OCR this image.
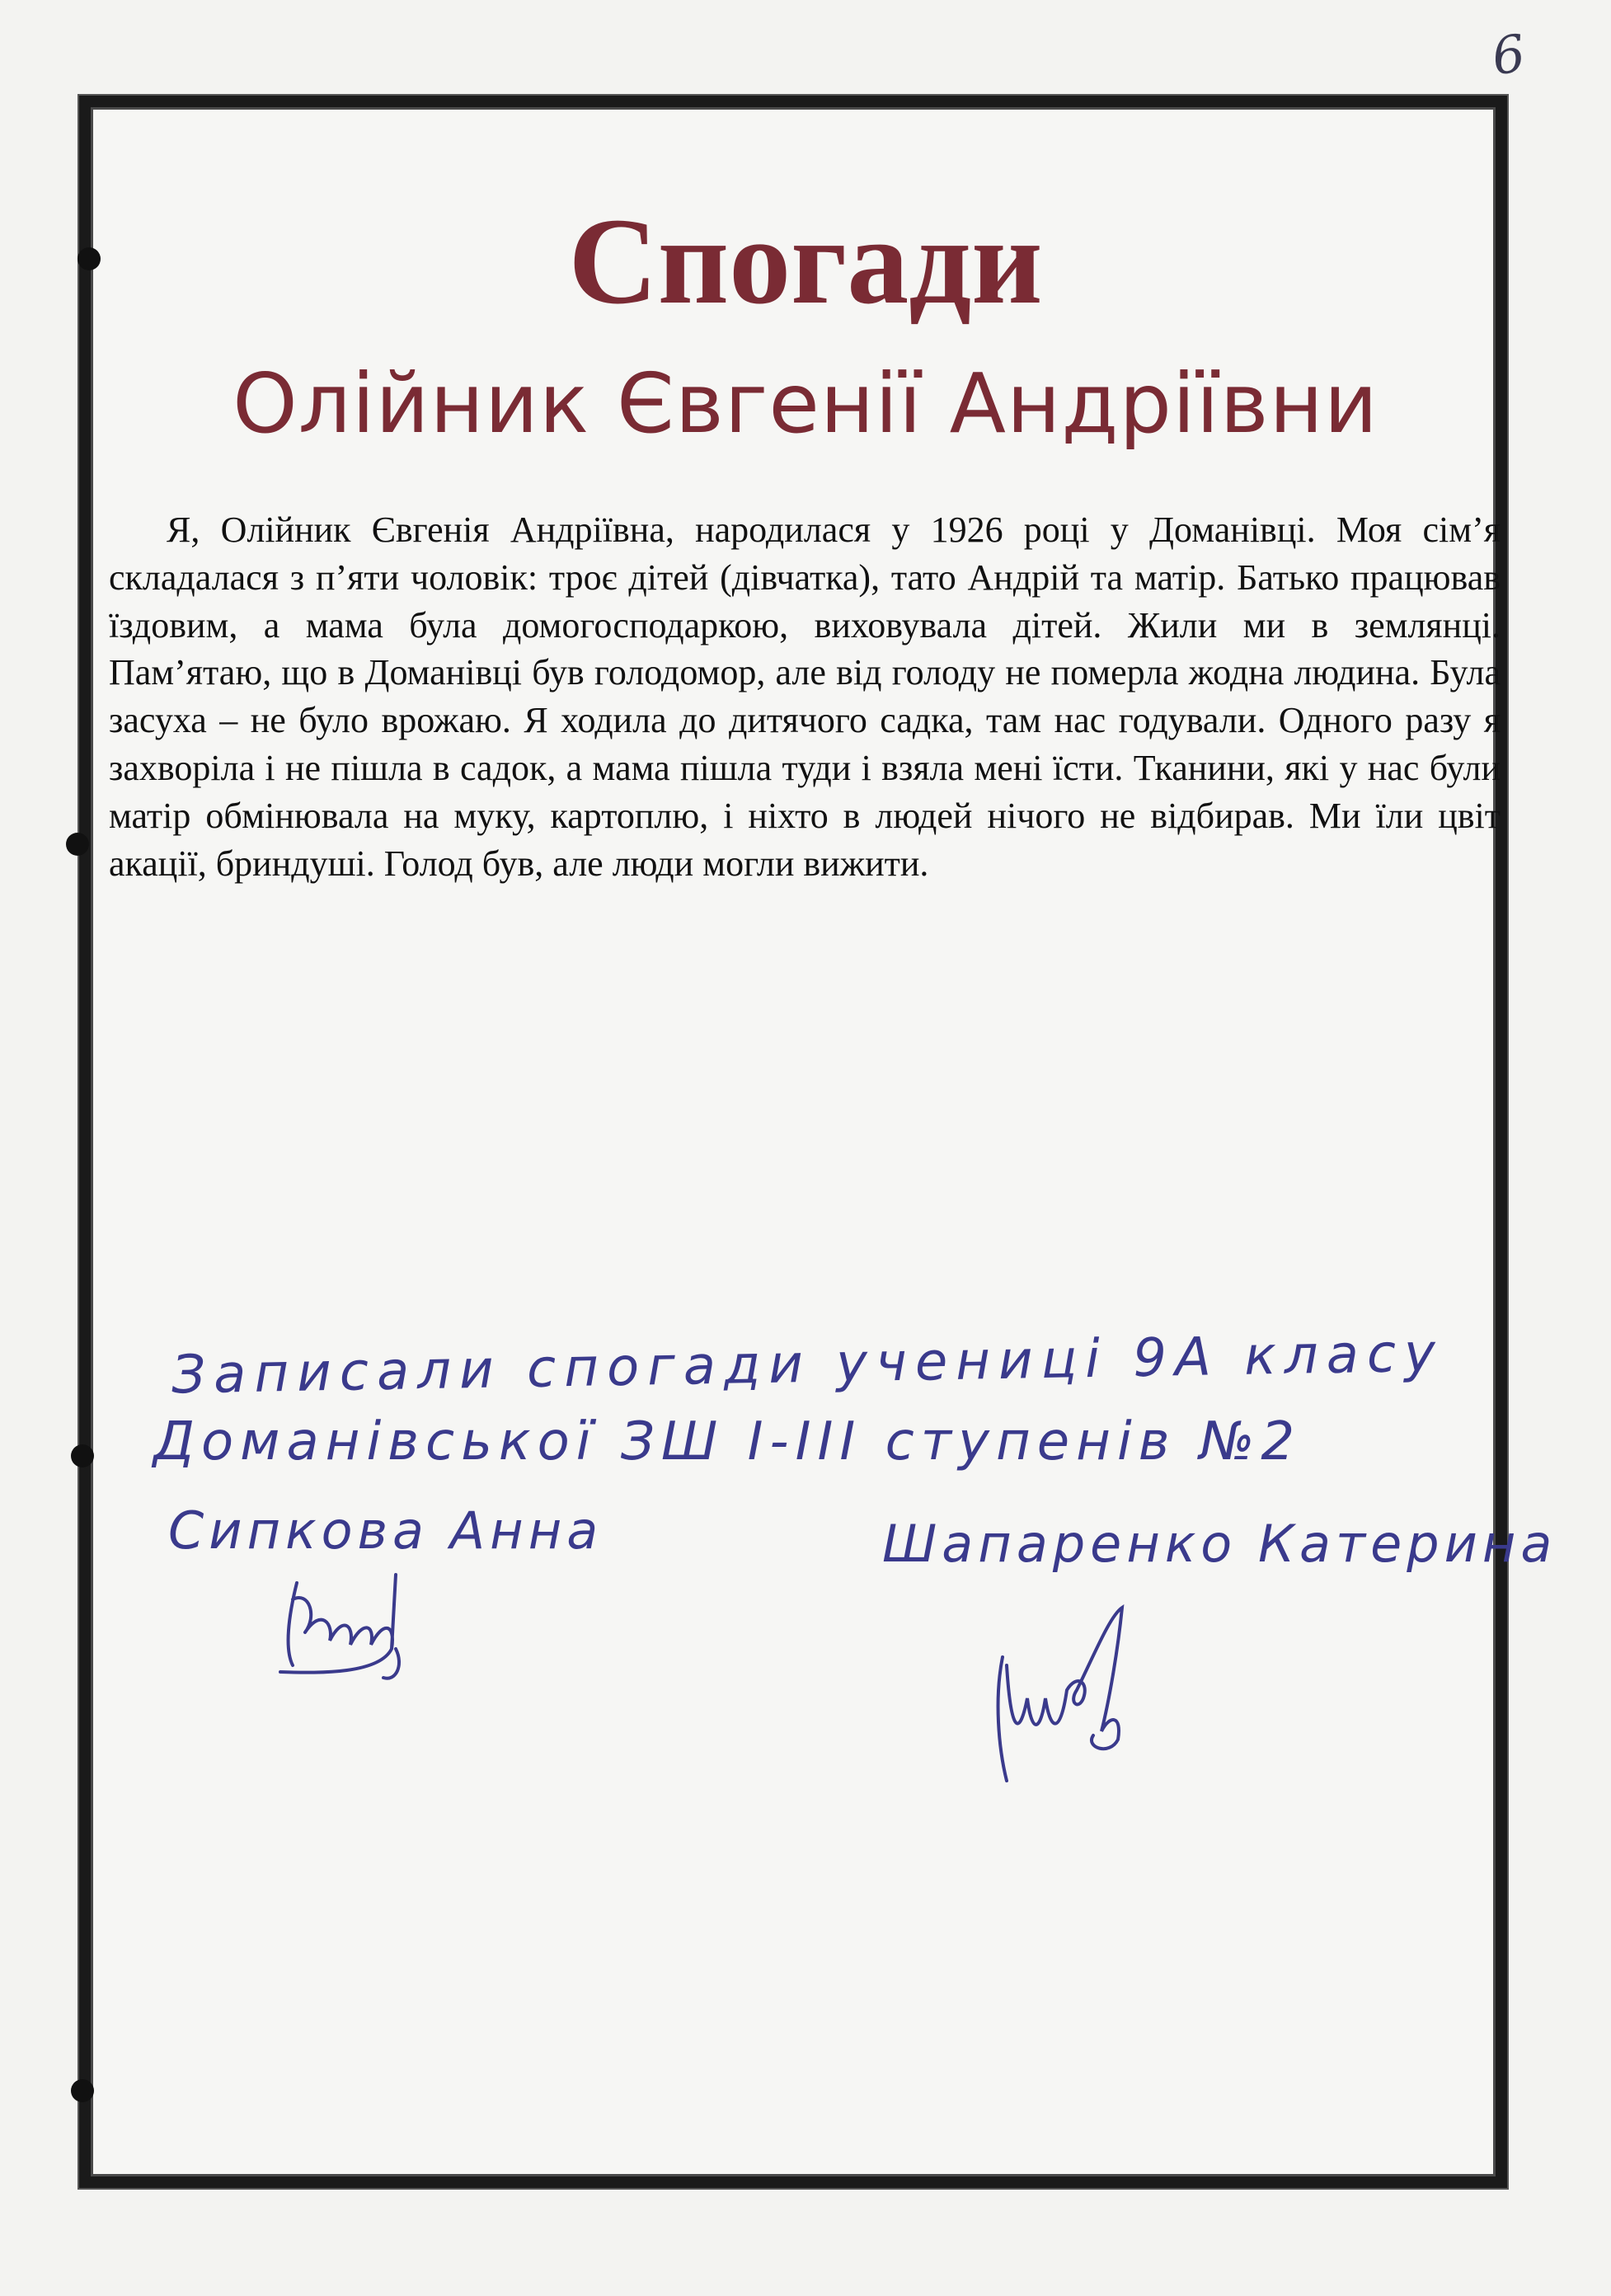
6
Спогади
Олійник Євгенії Андріївни

Я, Олійник Євгенія Андріївна, народилася у 1926 році у Доманівці. Моя сім’я складалася з п’яти чоловік: троє дітей (дівчатка), тато Андрій та матір. Батько працював їздовим, а мама була домогосподаркою, виховувала дітей. Жили ми в землянці. Пам’ятаю, що в Доманівці був голодомор, але від голоду не померла жодна людина. Була засуха – не було врожаю. Я ходила до дитячого садка, там нас годували. Одного разу я захворіла і не пішла в садок, а мама пішла туди і взяла мені їсти. Тканини, які у нас були матір обмінювала на муку, картоплю, і ніхто в людей нічого не відбирав. Ми їли цвіт акації, бриндуші. Голод був, але люди могли вижити.

Записали спогади учениці 9А класу
Доманівської ЗШ І-ІІІ ступенів №2
Сипкова Анна	Шапаренко Катерина
